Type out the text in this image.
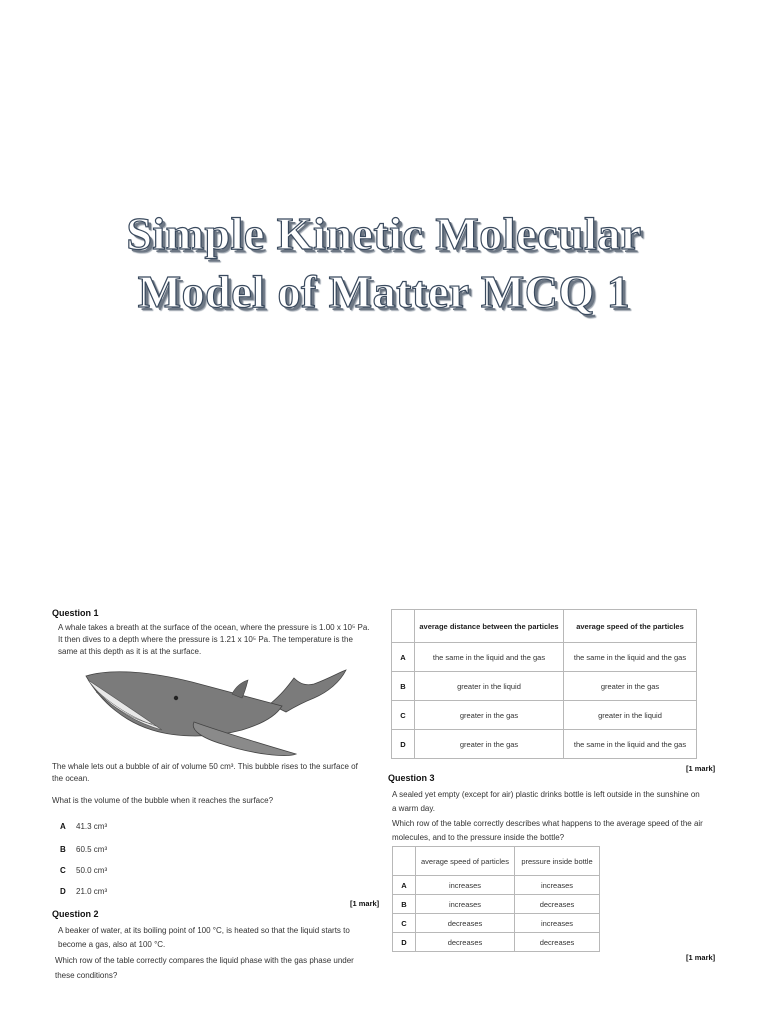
Simple Kinetic Molecular
Model of Matter MCQ 1
Question 1
A whale takes a breath at the surface of the ocean, where the pressure is 1.00 x 10⁵ Pa.
It then dives to a depth where the pressure is 1.21 x 10⁵ Pa. The temperature is the
same at this depth as it is at the surface.
The whale lets out a bubble of air of volume 50 cm³. This bubble rises to the surface of
the ocean.
What is the volume of the bubble when it reaches the surface?
A 41.3 cm³
B 60.5 cm³
C 50.0 cm³
D 21.0 cm³
[1 mark]
Question 2
A beaker of water, at its boiling point of 100 °C, is heated so that the liquid starts to
become a gas, also at 100 °C.
Which row of the table correctly compares the liquid phase with the gas phase under
these conditions?
	average distance between the particles	average speed of the particles
A	the same in the liquid and the gas	the same in the liquid and the gas
B	greater in the liquid	greater in the gas
C	greater in the gas	greater in the liquid
D	greater in the gas	the same in the liquid and the gas
[1 mark]
Question 3
A sealed yet empty (except for air) plastic drinks bottle is left outside in the sunshine on
a warm day.
Which row of the table correctly describes what happens to the average speed of the air
molecules, and to the pressure inside the bottle?
	average speed of particles	pressure inside bottle
A	increases	increases
B	increases	decreases
C	decreases	increases
D	decreases	decreases
[1 mark]
